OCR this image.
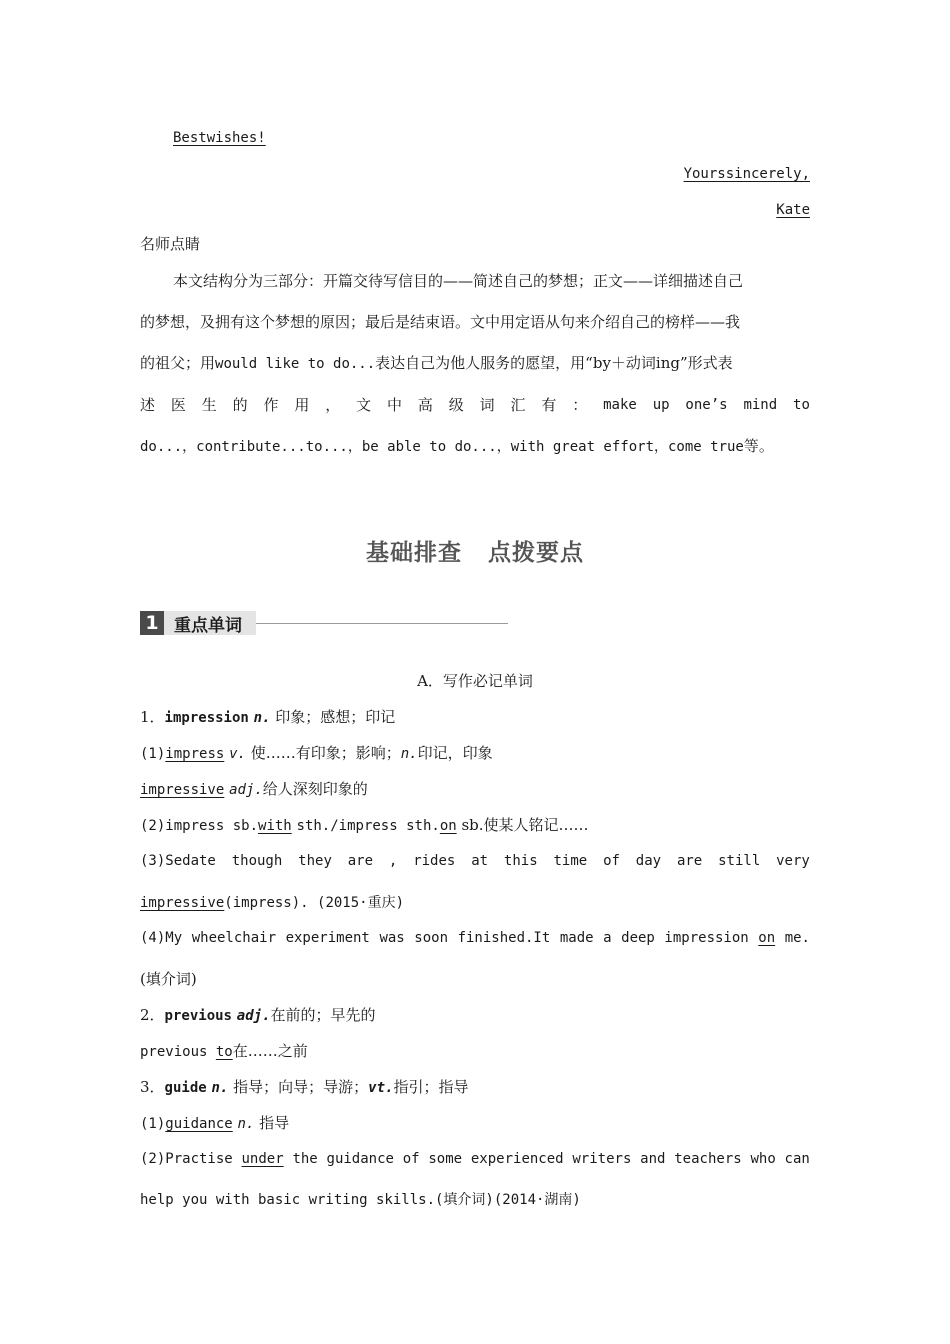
Bestwishes!
Yourssincerely,
Kate
名师点睛
本文结构分为三部分：开篇交待写信目的——简述自己的梦想；正文——详细描述自己
的梦想，及拥有这个梦想的原因；最后是结束语。文中用定语从句来介绍自己的榜样——我
的祖父；用would like to do...表达自己为他人服务的愿望，用“by＋动词ing”形式表
述 医 生 的 作 用 ， 文 中 高 级 词 汇 有 ： make up one’s mind to
do...，contribute...to...，be able to do...，with great effort，come true等。
基础排查 点拨要点
1 重点单词
A．写作必记单词
1．impression n. 印象；感想；印记
(1)impress v. 使……有印象；影响；n.印记，印象
impressive adj.给人深刻印象的
(2)impress sb.with sth./impress sth.on sb.使某人铭记……
(3)Sedate though they are , rides at this time of day are still very
impressive(impress). (2015·重庆)
(4)My wheelchair experiment was soon finished.It made a deep impression on me.
(填介词)
2．previous adj.在前的；早先的
previous to在……之前
3．guide n. 指导；向导；导游；vt.指引；指导
(1)guidance n. 指导
(2)Practise under the guidance of some experienced writers and teachers who can
help you with basic writing skills.(填介词)(2014·湖南)
